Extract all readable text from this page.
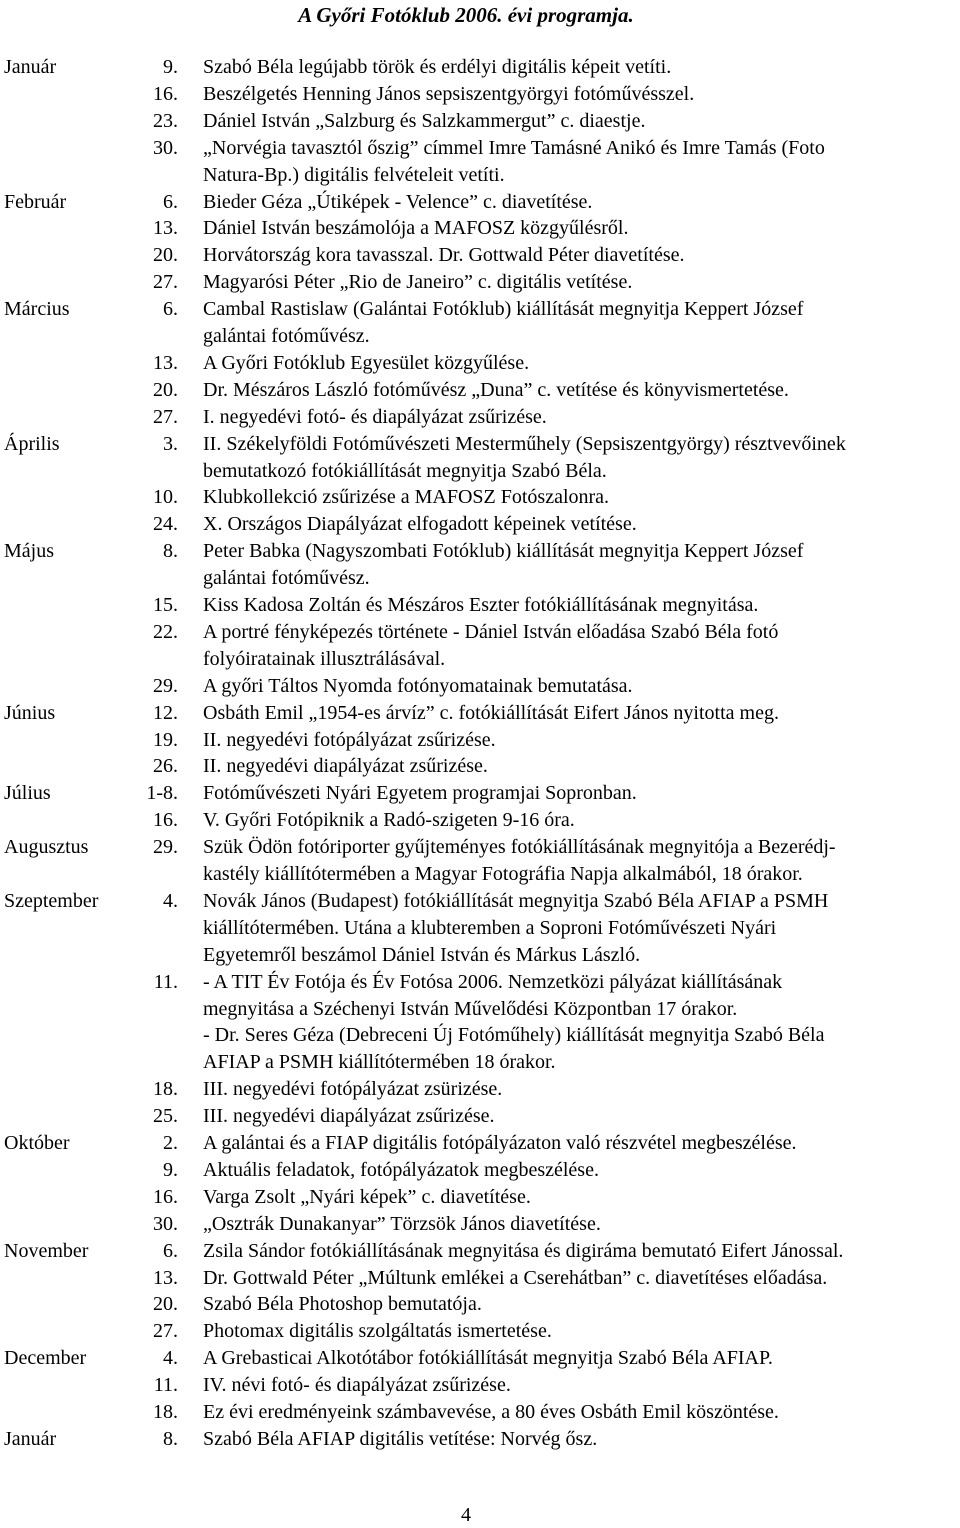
A Győri Fotóklub 2006. évi programja.
Január	9. Szabó Béla legújabb török és erdélyi digitális képeit vetíti.
16. Beszélgetés Henning János sepsiszentgyörgyi fotóművésszel.
23. Dániel István „Salzburg és Salzkammergut” c. diaestje.
30. „Norvégia tavasztól őszig” címmel Imre Tamásné Anikó és Imre Tamás (Foto
Natura-Bp.) digitális felvételeit vetíti.
Február	6. Bieder Géza „Útiképek - Velence” c. diavetítése.
13. Dániel István beszámolója a MAFOSZ közgyűlésről.
20. Horvátország kora tavasszal. Dr. Gottwald Péter diavetítése.
27. Magyarósi Péter „Rio de Janeiro” c. digitális vetítése.
Március	6. Cambal Rastislaw (Galántai Fotóklub) kiállítását megnyitja Keppert József
galántai fotóművész.
13. A Győri Fotóklub Egyesület közgyűlése.
20. Dr. Mészáros László fotóművész „Duna” c. vetítése és könyvismertetése.
27. I. negyedévi fotó- és diapályázat zsűrizése.
Április	3. II. Székelyföldi Fotóművészeti Mesterműhely (Sepsiszentgyörgy) résztvevőinek
bemutatkozó fotókiállítását megnyitja Szabó Béla.
10. Klubkollekció zsűrizése a MAFOSZ Fotószalonra.
24. X. Országos Diapályázat elfogadott képeinek vetítése.
Május	8. Peter Babka (Nagyszombati Fotóklub) kiállítását megnyitja Keppert József
galántai fotóművész.
15. Kiss Kadosa Zoltán és Mészáros Eszter fotókiállításának megnyitása.
22. A portré fényképezés története - Dániel István előadása Szabó Béla fotó
folyóiratainak illusztrálásával.
29. A győri Táltos Nyomda fotónyomatainak bemutatása.
Június	12. Osbáth Emil „1954-es árvíz” c. fotókiállítását Eifert János nyitotta meg.
19. II. negyedévi fotópályázat zsűrizése.
26. II. negyedévi diapályázat zsűrizése.
Július	1-8. Fotóművészeti Nyári Egyetem programjai Sopronban.
16. V. Győri Fotópiknik a Radó-szigeten 9-16 óra.
Augusztus	29. Szük Ödön fotóriporter gyűjteményes fotókiállításának megnyitója a Bezerédj-
kastély kiállítótermében a Magyar Fotográfia Napja alkalmából, 18 órakor.
Szeptember	4. Novák János (Budapest) fotókiállítását megnyitja Szabó Béla AFIAP a PSMH
kiállítótermében. Utána a klubteremben a Soproni Fotóművészeti Nyári
Egyetemről beszámol Dániel István és Márkus László.
11. - A TIT Év Fotója és Év Fotósa 2006. Nemzetközi pályázat kiállításának
megnyitása a Széchenyi István Művelődési Központban 17 órakor.
- Dr. Seres Géza (Debreceni Új Fotóműhely) kiállítását megnyitja Szabó Béla
AFIAP a PSMH kiállítótermében 18 órakor.
18. III. negyedévi fotópályázat zsürizése.
25. III. negyedévi diapályázat zsűrizése.
Október	2. A galántai és a FIAP digitális fotópályázaton való részvétel megbeszélése.
9. Aktuális feladatok, fotópályázatok megbeszélése.
16. Varga Zsolt „Nyári képek” c. diavetítése.
30. „Osztrák Dunakanyar” Törzsök János diavetítése.
November	6. Zsila Sándor fotókiállításának megnyitása és digiráma bemutató Eifert Jánossal.
13. Dr. Gottwald Péter „Múltunk emlékei a Cserehátban” c. diavetítéses előadása.
20. Szabó Béla Photoshop bemutatója.
27. Photomax digitális szolgáltatás ismertetése.
December	4. A Grebasticai Alkotótábor fotókiállítását megnyitja Szabó Béla AFIAP.
11. IV. névi fotó- és diapályázat zsűrizése.
18. Ez évi eredményeink számbavevése, a 80 éves Osbáth Emil köszöntése.
Január	8. Szabó Béla AFIAP digitális vetítése: Norvég ősz.
4
